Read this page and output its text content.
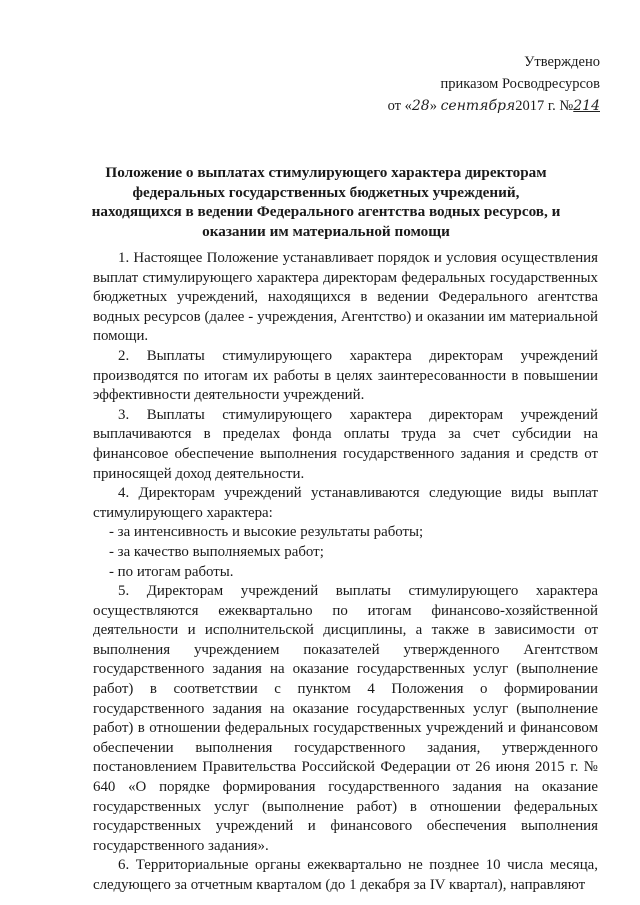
Утверждено
приказом Росводресурсов
от «28» сентября2017 г. №214
Положение о выплатах стимулирующего характера директорам федеральных государственных бюджетных учреждений, находящихся в ведении Федерального агентства водных ресурсов, и оказании им материальной помощи

1. Настоящее Положение устанавливает порядок и условия осуществления выплат стимулирующего характера директорам федеральных государственных бюджетных учреждений, находящихся в ведении Федерального агентства водных ресурсов (далее - учреждения, Агентство) и оказании им материальной помощи.

2. Выплаты стимулирующего характера директорам учреждений производятся по итогам их работы в целях заинтересованности в повышении эффективности деятельности учреждений.

3. Выплаты стимулирующего характера директорам учреждений выплачиваются в пределах фонда оплаты труда за счет субсидии на финансовое обеспечение выполнения государственного задания и средств от приносящей доход деятельности.

4. Директорам учреждений устанавливаются следующие виды выплат стимулирующего характера:

- за интенсивность и высокие результаты работы;

- за качество выполняемых работ;

- по итогам работы.

5. Директорам учреждений выплаты стимулирующего характера осуществляются ежеквартально по итогам финансово-хозяйственной деятельности и исполнительской дисциплины, а также в зависимости от выполнения учреждением показателей утвержденного Агентством государственного задания на оказание государственных услуг (выполнение работ) в соответствии с пунктом 4 Положения о формировании государственного задания на оказание государственных услуг (выполнение работ) в отношении федеральных государственных учреждений и финансовом обеспечении выполнения государственного задания, утвержденного постановлением Правительства Российской Федерации от 26 июня 2015 г. № 640 «О порядке формирования государственного задания на оказание государственных услуг (выполнение работ) в отношении федеральных государственных учреждений и финансового обеспечения выполнения государственного задания».

6. Территориальные органы ежеквартально не позднее 10 числа месяца, следующего за отчетным кварталом (до 1 декабря за IV квартал), направляют
